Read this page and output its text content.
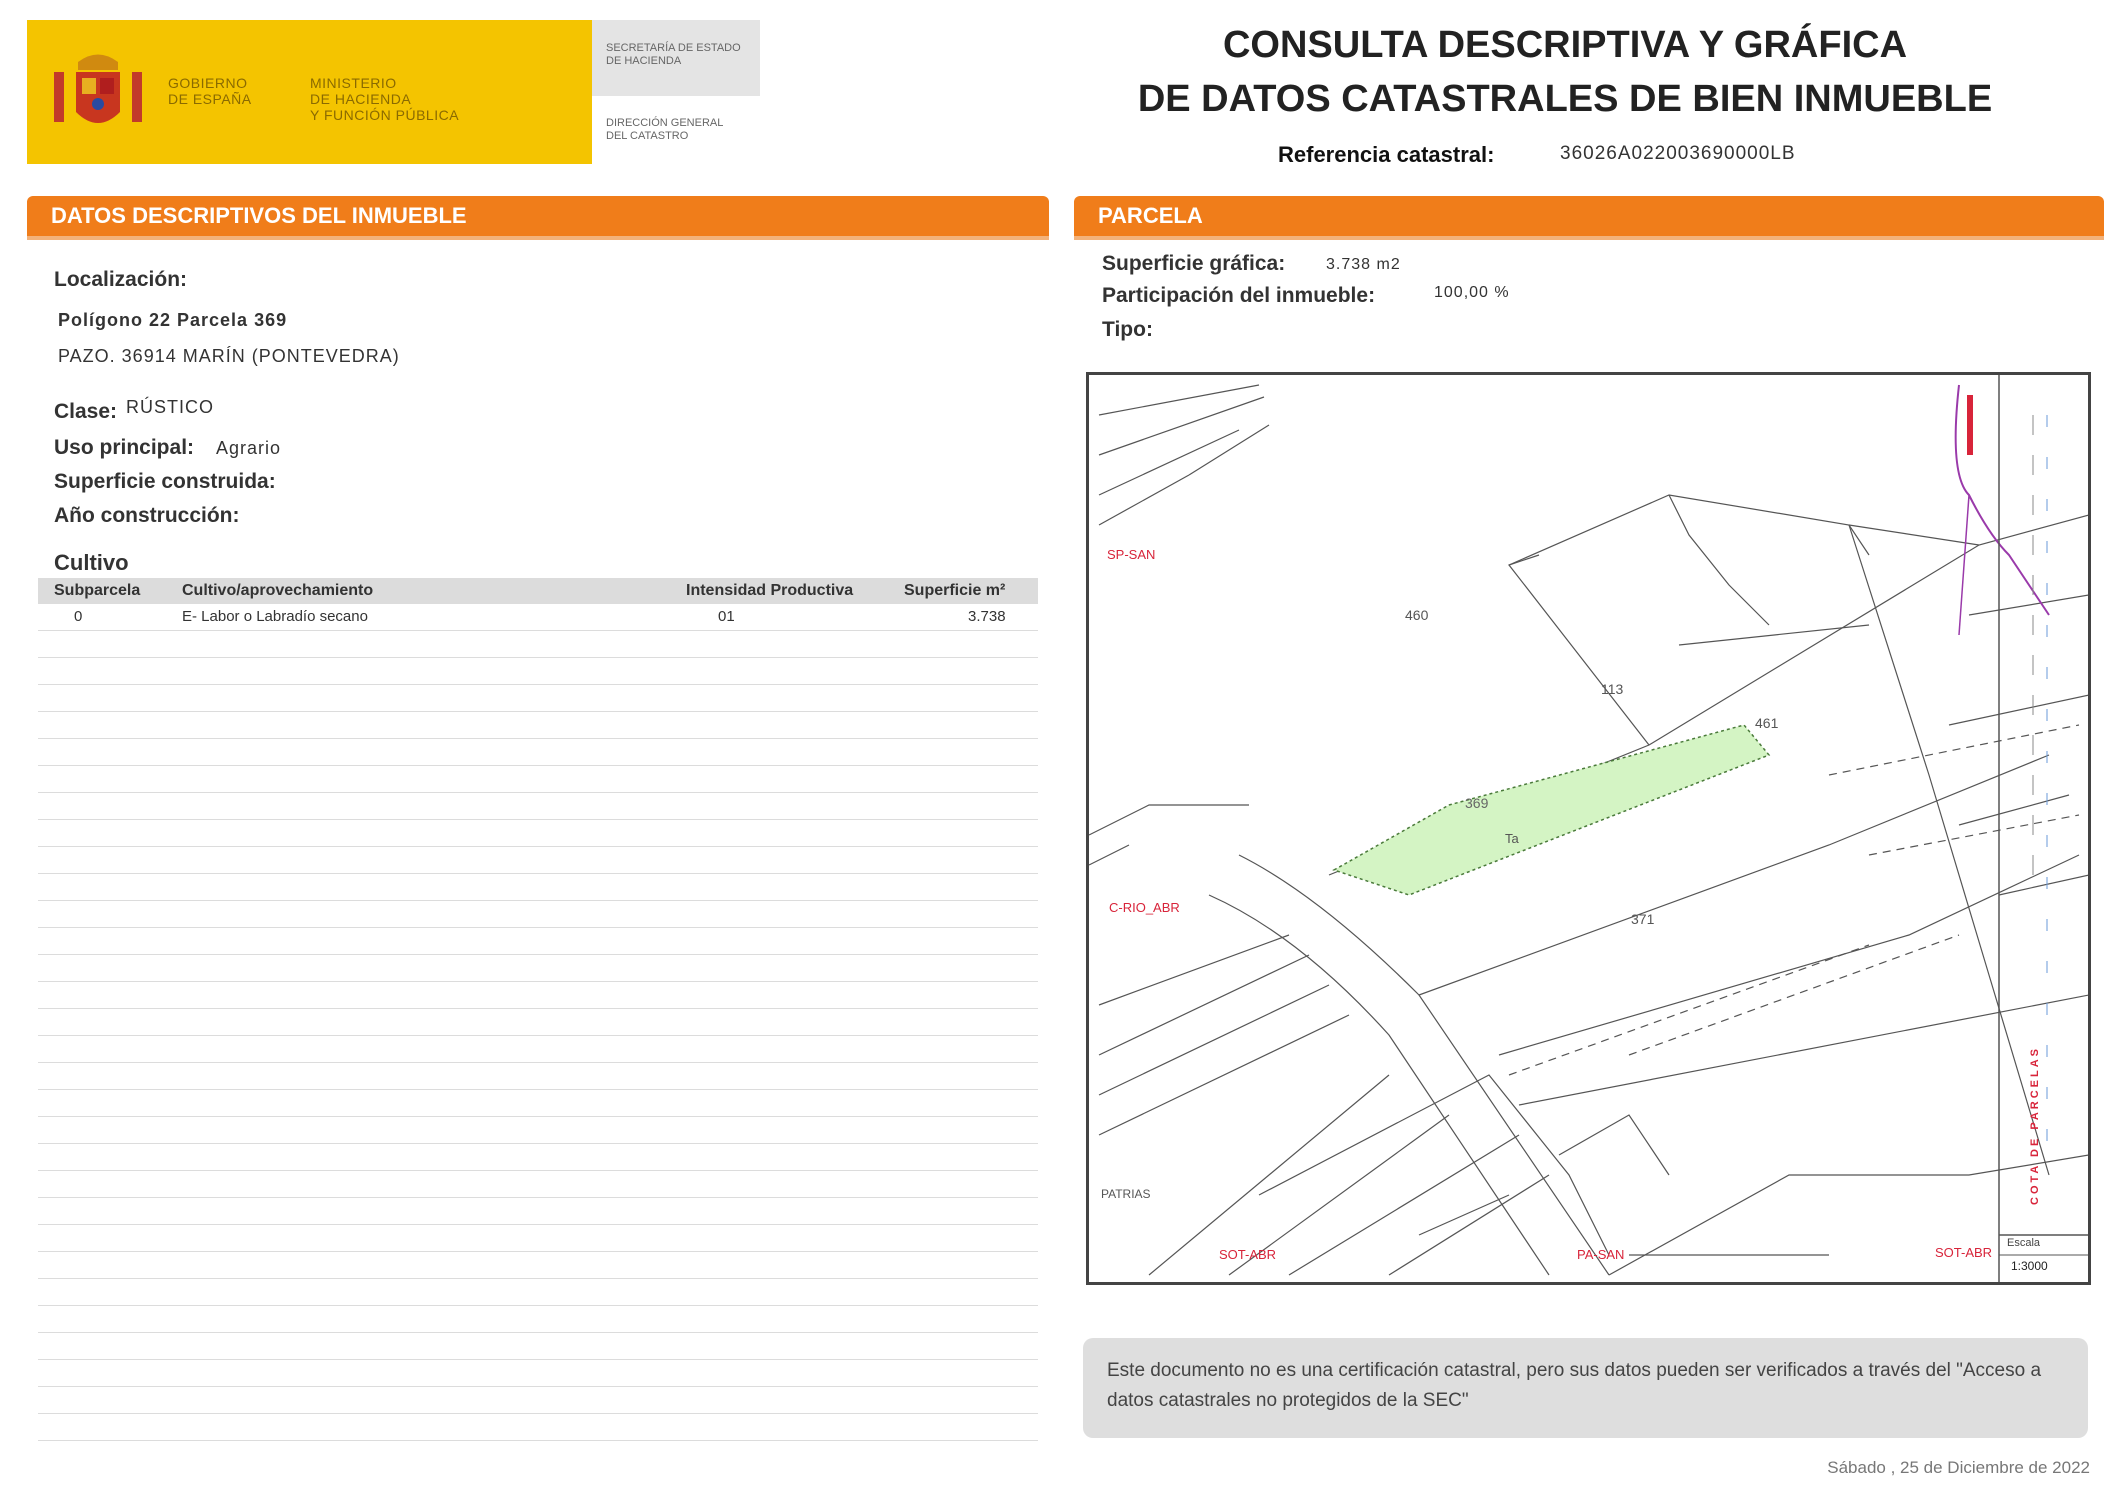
GOBIERNO
DE ESPAÑA
MINISTERIO
DE HACIENDA
Y FUNCIÓN PÚBLICA
SECRETARÍA DE ESTADO
DE HACIENDA
DIRECCIÓN GENERAL
DEL CATASTRO
CONSULTA DESCRIPTIVA Y GRÁFICA
DE DATOS CATASTRALES DE BIEN INMUEBLE
Referencia catastral:	36026A022003690000LB
DATOS DESCRIPTIVOS DEL INMUEBLE
Localización:
Polígono 22 Parcela 369
PAZO. 36914 MARÍN (PONTEVEDRA)
Clase: RÚSTICO
Uso principal: Agrario
Superficie construida:
Año construcción:
Cultivo
Subparcela	Cultivo/aprovechamiento	Intensidad Productiva	Superficie m²
0	E- Labor o Labradío secano	01	3.738
PARCELA
Superficie gráfica:	3.738 m2
Participación del inmueble:	100,00 %
Tipo:
369
Ta
113
460
461
371
SP-SAN
C-RIO_ABR
SOT-ABR	PA-SAN	SOT-ABR
PATRIAS	COTA DE PARCELAS
Escala
1:3000
Este documento no es una certificación catastral, pero sus datos pueden ser verificados a través del "Acceso a datos catastrales no protegidos de la SEC"
Sábado , 25 de Diciembre de 2022
